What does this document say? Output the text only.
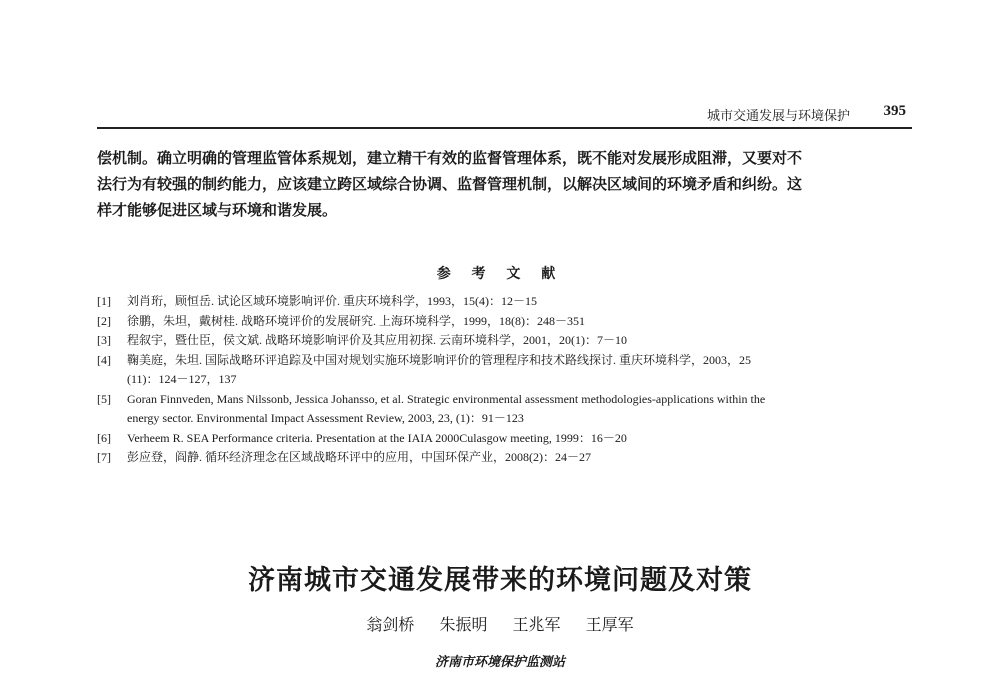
城市交通发展与环境保护 395
偿机制。确立明确的管理监管体系规划，建立精干有效的监督管理体系，既不能对发展形成阻滞，又要对不
法行为有较强的制约能力，应该建立跨区域综合协调、监督管理机制，以解决区域间的环境矛盾和纠纷。这
样才能够促进区域与环境和谐发展。
参 考 文 献
[1]	刘肖珩，顾恒岳. 试论区域环境影响评价. 重庆环境科学，1993，15(4)：12－15
[2]	徐鹏，朱坦，戴树桂. 战略环境评价的发展研究. 上海环境科学，1999，18(8)：248－351
[3]	程叙宇，暨仕臣，侯文斌. 战略环境影响评价及其应用初探. 云南环境科学，2001，20(1)：7－10
[4]	鞠美庭，朱坦. 国际战略环评追踪及中国对规划实施环境影响评价的管理程序和技术路线探讨. 重庆环境科学，2003，25
(11)：124－127，137
[5]	Goran Finnveden, Mans Nilssonb, Jessica Johansso, et al. Strategic environmental assessment methodologies-applications within the
energy sector. Environmental Impact Assessment Review, 2003, 23, (1)：91－123
[6]	Verheem R. SEA Performance criteria. Presentation at the IAIA 2000Culasgow meeting, 1999：16－20
[7]	彭应登，阎静. 循环经济理念在区域战略环评中的应用，中国环保产业，2008(2)：24－27
济南城市交通发展带来的环境问题及对策
翁剑桥 朱振明 王兆军 王厚军
济南市环境保护监测站
